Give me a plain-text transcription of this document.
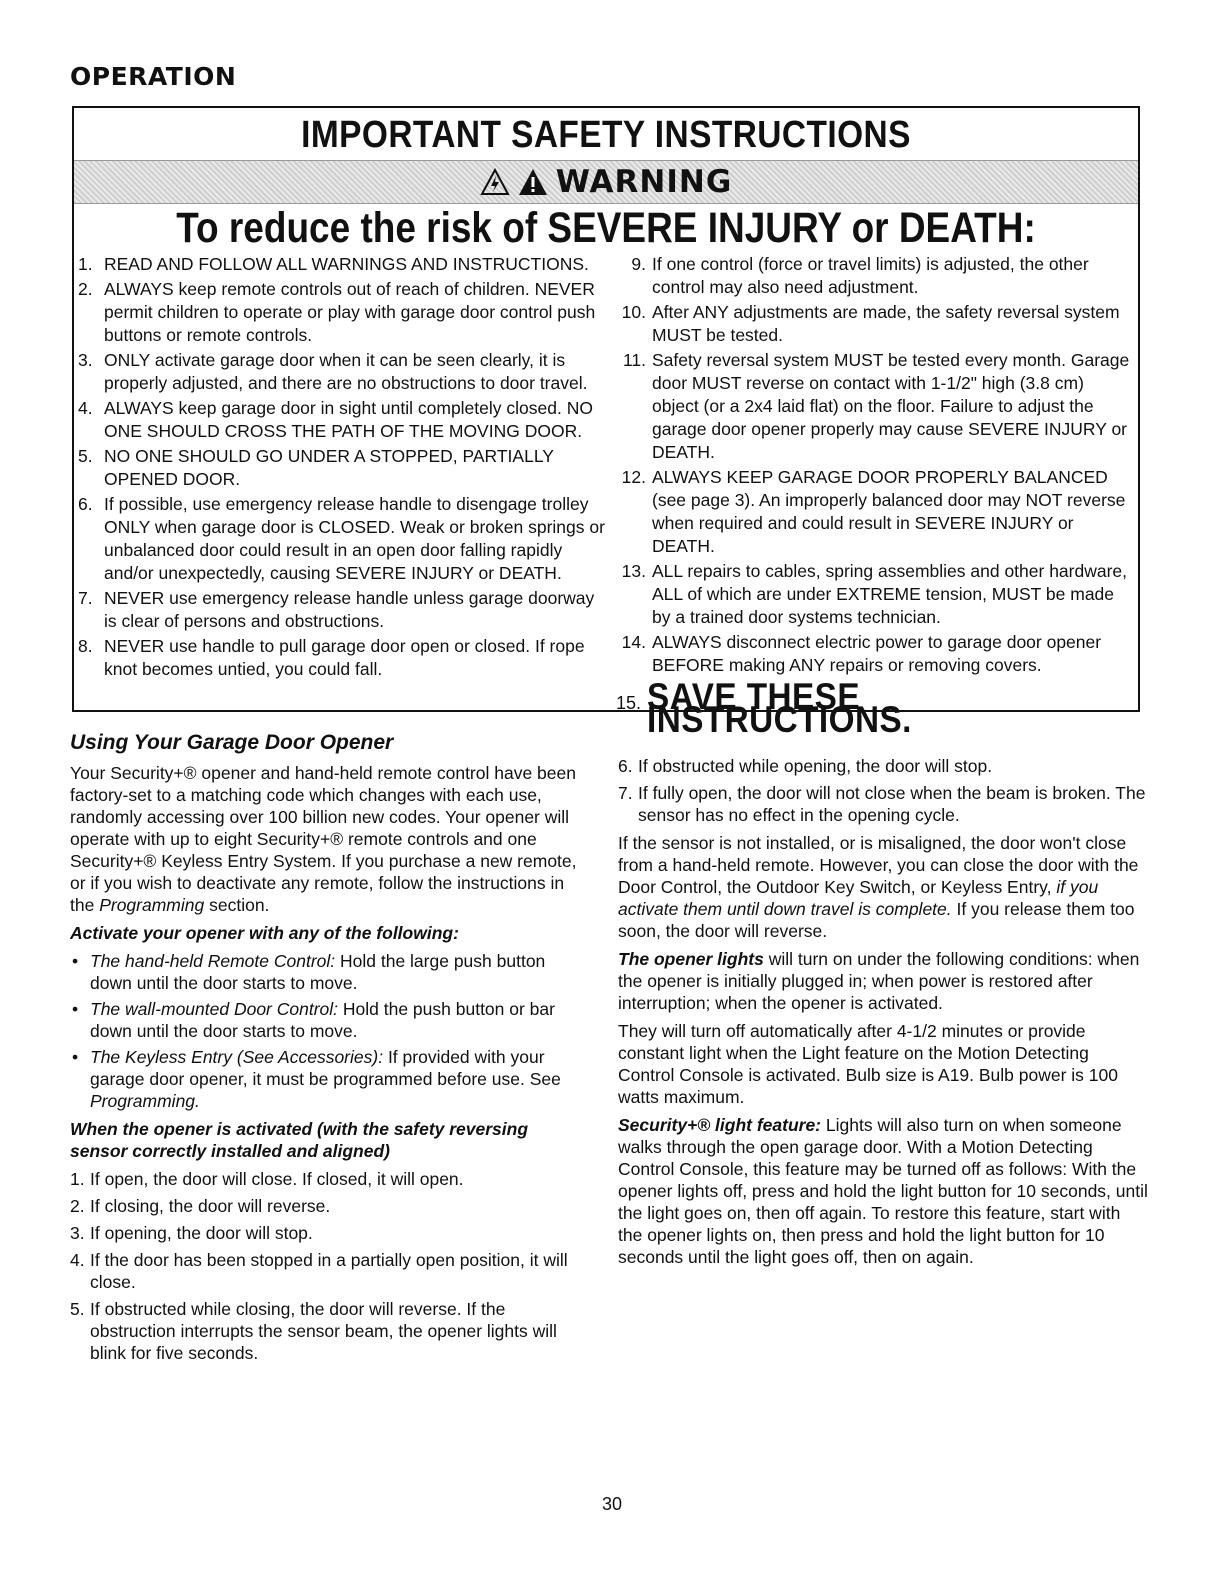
OPERATION
IMPORTANT SAFETY INSTRUCTIONS
WARNING
To reduce the risk of SEVERE INJURY or DEATH:
1. READ AND FOLLOW ALL WARNINGS AND INSTRUCTIONS.
2. ALWAYS keep remote controls out of reach of children. NEVER permit children to operate or play with garage door control push buttons or remote controls.
3. ONLY activate garage door when it can be seen clearly, it is properly adjusted, and there are no obstructions to door travel.
4. ALWAYS keep garage door in sight until completely closed. NO ONE SHOULD CROSS THE PATH OF THE MOVING DOOR.
5. NO ONE SHOULD GO UNDER A STOPPED, PARTIALLY OPENED DOOR.
6. If possible, use emergency release handle to disengage trolley ONLY when garage door is CLOSED. Weak or broken springs or unbalanced door could result in an open door falling rapidly and/or unexpectedly, causing SEVERE INJURY or DEATH.
7. NEVER use emergency release handle unless garage doorway is clear of persons and obstructions.
8. NEVER use handle to pull garage door open or closed. If rope knot becomes untied, you could fall.
9. If one control (force or travel limits) is adjusted, the other control may also need adjustment.
10. After ANY adjustments are made, the safety reversal system MUST be tested.
11. Safety reversal system MUST be tested every month. Garage door MUST reverse on contact with 1-1/2" high (3.8 cm) object (or a 2x4 laid flat) on the floor. Failure to adjust the garage door opener properly may cause SEVERE INJURY or DEATH.
12. ALWAYS KEEP GARAGE DOOR PROPERLY BALANCED (see page 3). An improperly balanced door may NOT reverse when required and could result in SEVERE INJURY or DEATH.
13. ALL repairs to cables, spring assemblies and other hardware, ALL of which are under EXTREME tension, MUST be made by a trained door systems technician.
14. ALWAYS disconnect electric power to garage door opener BEFORE making ANY repairs or removing covers.
15. SAVE THESE INSTRUCTIONS.
Using Your Garage Door Opener

Your Security+® opener and hand-held remote control have been factory-set to a matching code which changes with each use, randomly accessing over 100 billion new codes. Your opener will operate with up to eight Security+® remote controls and one Security+® Keyless Entry System. If you purchase a new remote, or if you wish to deactivate any remote, follow the instructions in the Programming section.

Activate your opener with any of the following:

• The hand-held Remote Control: Hold the large push button down until the door starts to move.
• The wall-mounted Door Control: Hold the push button or bar down until the door starts to move.
• The Keyless Entry (See Accessories): If provided with your garage door opener, it must be programmed before use. See Programming.

When the opener is activated (with the safety reversing sensor correctly installed and aligned)

1. If open, the door will close. If closed, it will open.
2. If closing, the door will reverse.
3. If opening, the door will stop.
4. If the door has been stopped in a partially open position, it will close.
5. If obstructed while closing, the door will reverse. If the obstruction interrupts the sensor beam, the opener lights will blink for five seconds.
6. If obstructed while opening, the door will stop.
7. If fully open, the door will not close when the beam is broken. The sensor has no effect in the opening cycle.

If the sensor is not installed, or is misaligned, the door won't close from a hand-held remote. However, you can close the door with the Door Control, the Outdoor Key Switch, or Keyless Entry, if you activate them until down travel is complete. If you release them too soon, the door will reverse.

The opener lights will turn on under the following conditions: when the opener is initially plugged in; when power is restored after interruption; when the opener is activated.

They will turn off automatically after 4-1/2 minutes or provide constant light when the Light feature on the Motion Detecting Control Console is activated. Bulb size is A19. Bulb power is 100 watts maximum.

Security+® light feature: Lights will also turn on when someone walks through the open garage door. With a Motion Detecting Control Console, this feature may be turned off as follows: With the opener lights off, press and hold the light button for 10 seconds, until the light goes on, then off again. To restore this feature, start with the opener lights on, then press and hold the light button for 10 seconds until the light goes off, then on again.

30
